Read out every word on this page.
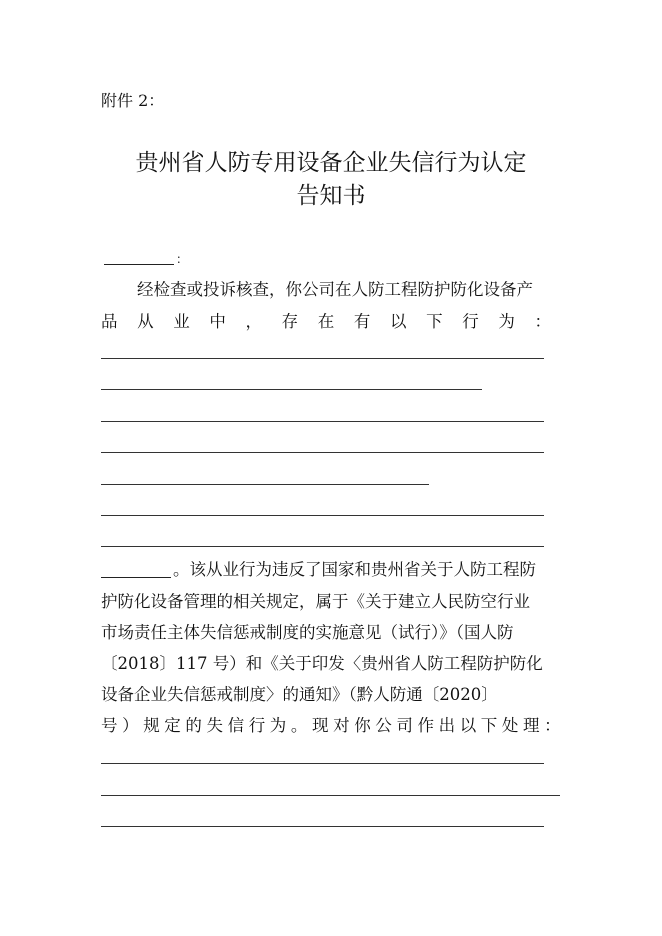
附件 2：
贵州省人防专用设备企业失信行为认定
告知书
：
经检查或投诉核查，你公司在人防工程防护防化设备产
品 从 业 中 ， 存 在 有 以 下 行 为 ：
。该从业行为违反了国家和贵州省关于人防工程防
护防化设备管理的相关规定，属于《关于建立人民防空行业
市场责任主体失信惩戒制度的实施意见（试行）》（国人防
〔2018〕117 号）和《关于印发〈贵州省人防工程防护防化
设备企业失信惩戒制度〉的通知》（黔人防通〔2020〕
号）规定的失信行为。现对你公司作出以下处理：
